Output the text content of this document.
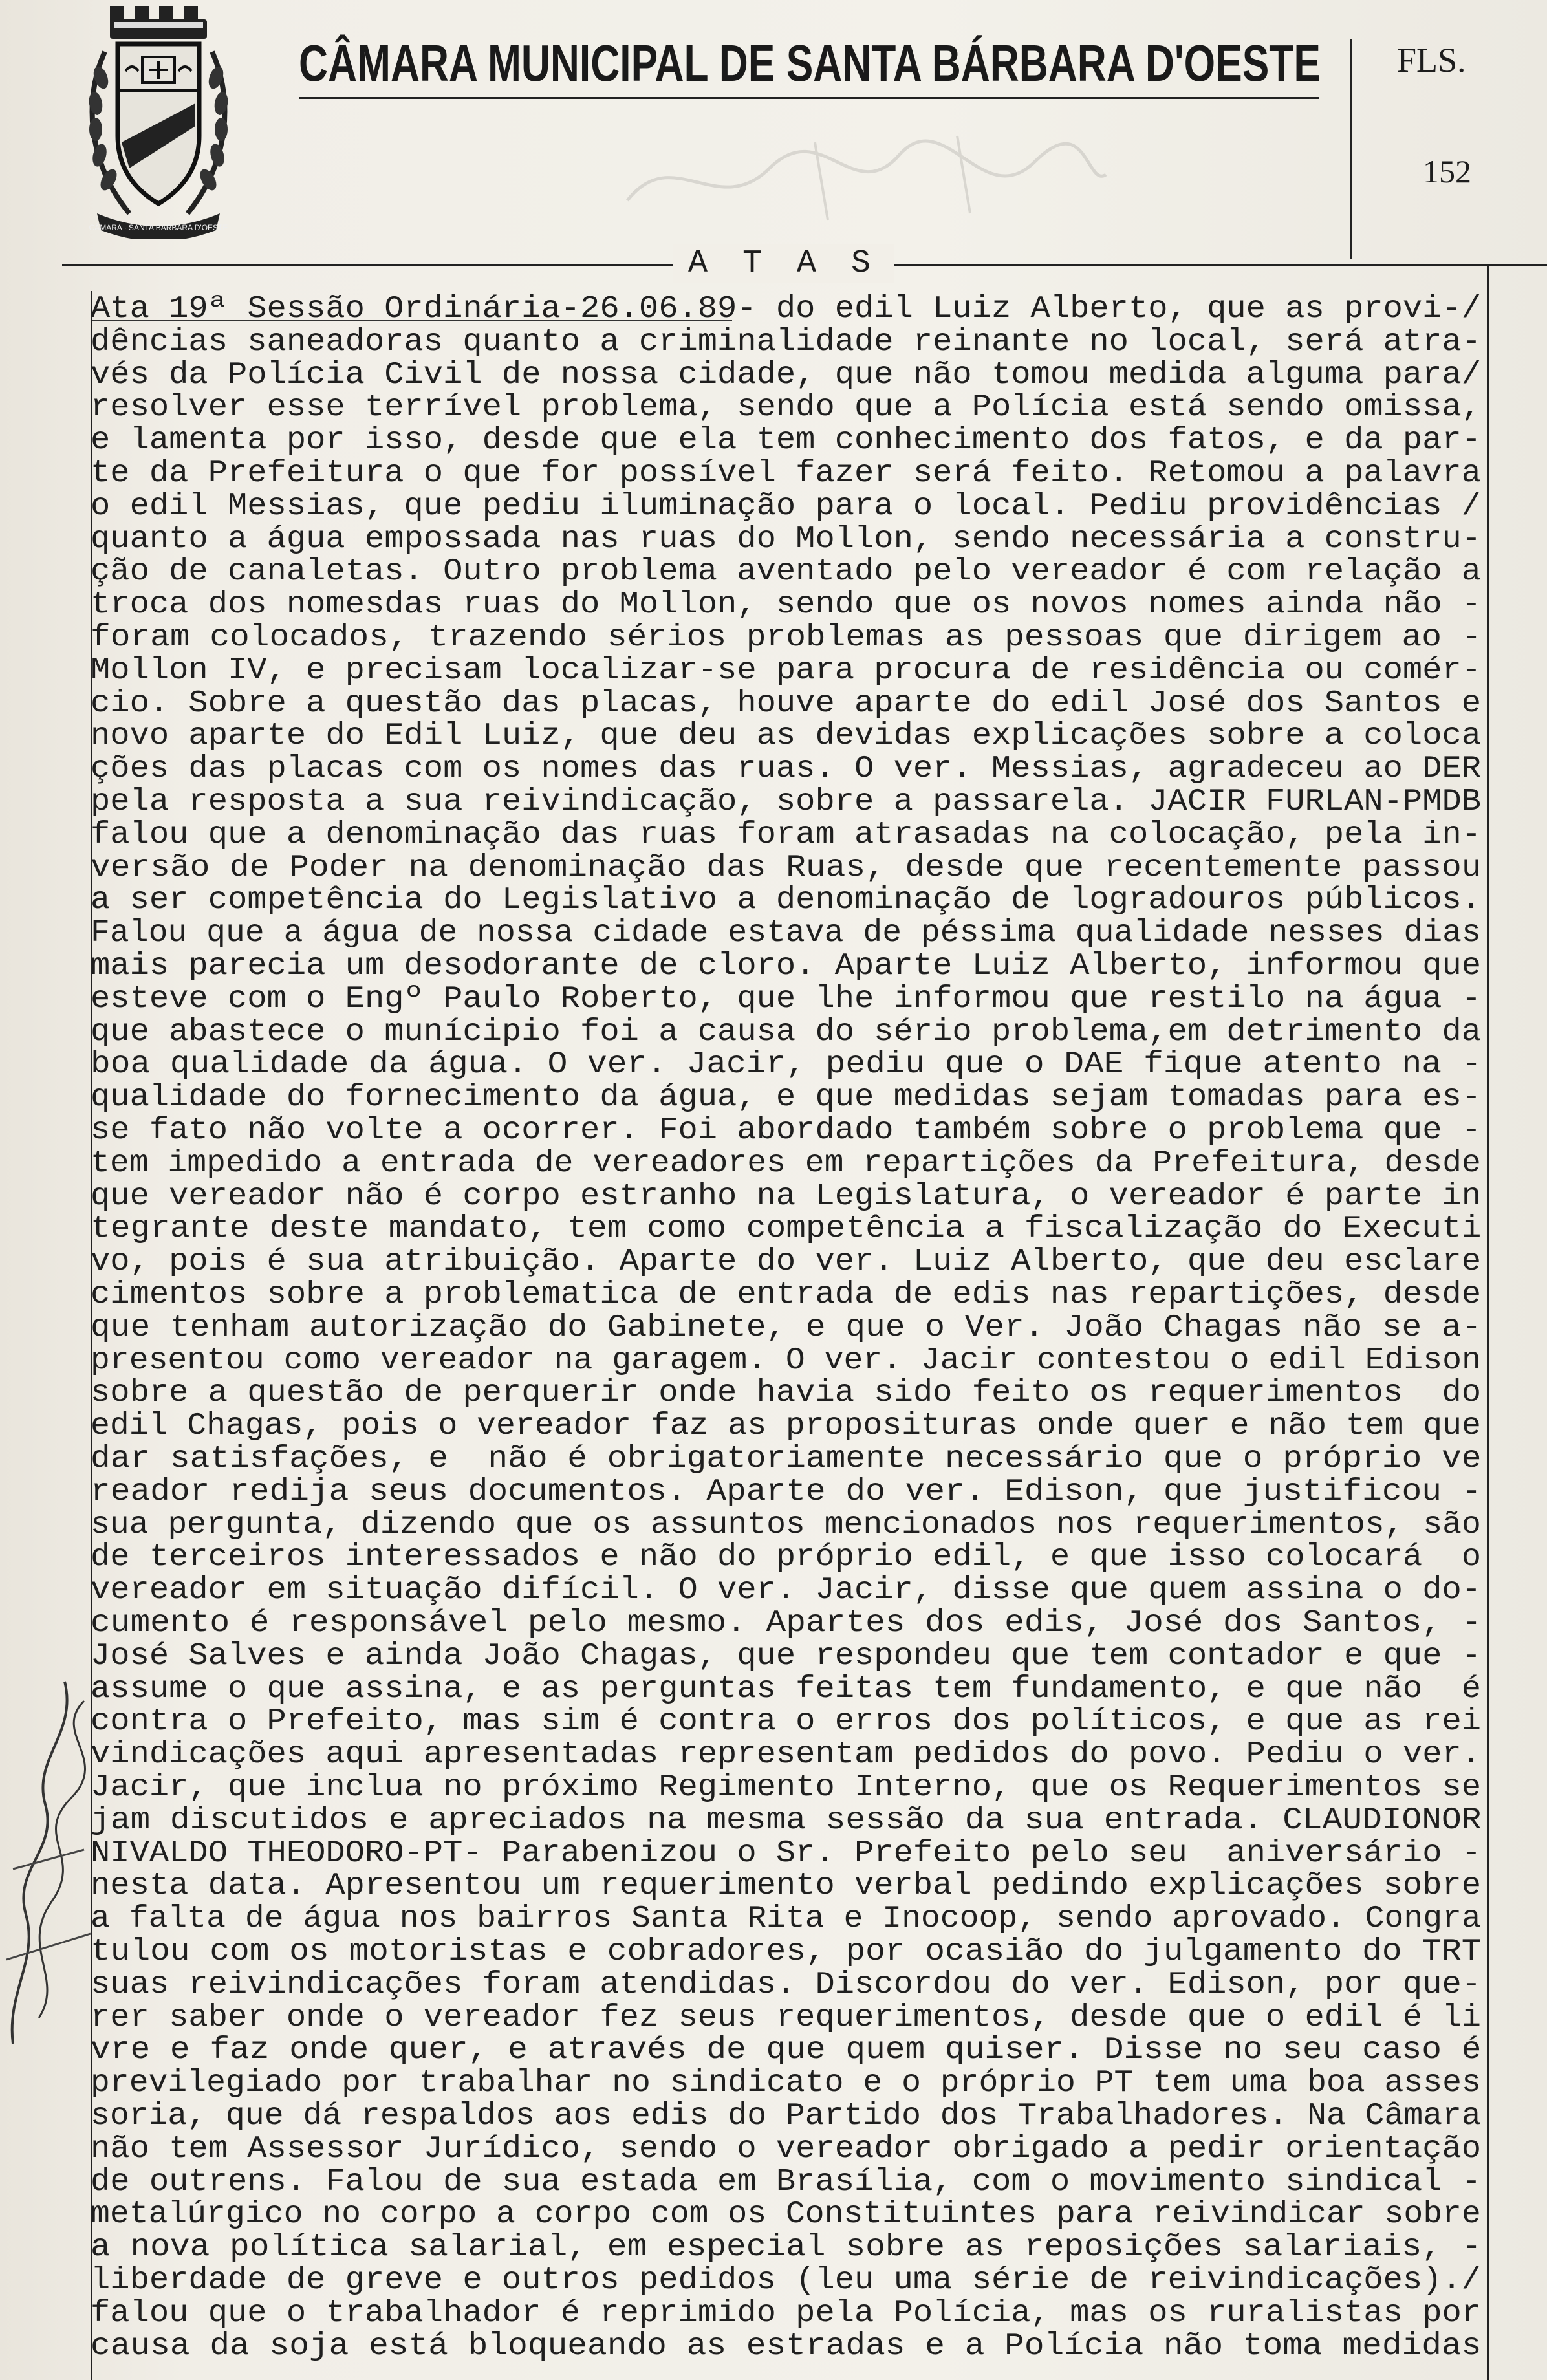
CÂMARA · SANTA BÁRBARA D'OESTE
CÂMARA MUNICIPAL DE SANTA BÁRBARA D'OESTE FLS.
152
A T A S
Ata 19ª Sessão Ordinária-26.06.89- do edil Luiz Alberto, que as provi-/
dências saneadoras quanto a criminalidade reinante no local, será atra-
vés da Polícia Civil de nossa cidade, que não tomou medida alguma para/
resolver esse terrível problema, sendo que a Polícia está sendo omissa,
e lamenta por isso, desde que ela tem conhecimento dos fatos, e da par-
te da Prefeitura o que for possível fazer será feito. Retomou a palavra
o edil Messias, que pediu iluminação para o local. Pediu providências /
quanto a água empossada nas ruas do Mollon, sendo necessária a constru-
ção de canaletas. Outro problema aventado pelo vereador é com relação a
troca dos nomesdas ruas do Mollon, sendo que os novos nomes ainda não -
foram colocados, trazendo sérios problemas as pessoas que dirigem ao -
Mollon IV, e precisam localizar-se para procura de residência ou comér-
cio. Sobre a questão das placas, houve aparte do edil José dos Santos e
novo aparte do Edil Luiz, que deu as devidas explicações sobre a coloca
ções das placas com os nomes das ruas. O ver. Messias, agradeceu ao DER
pela resposta a sua reivindicação, sobre a passarela. JACIR FURLAN-PMDB
falou que a denominação das ruas foram atrasadas na colocação, pela in-
versão de Poder na denominação das Ruas, desde que recentemente passou
a ser competência do Legislativo a denominação de logradouros públicos.
Falou que a água de nossa cidade estava de péssima qualidade nesses dias
mais parecia um desodorante de cloro. Aparte Luiz Alberto, informou que
esteve com o Engº Paulo Roberto, que lhe informou que restilo na água -
que abastece o munícipio foi a causa do sério problema,em detrimento da
boa qualidade da água. O ver. Jacir, pediu que o DAE fique atento na -
qualidade do fornecimento da água, e que medidas sejam tomadas para es-
se fato não volte a ocorrer. Foi abordado também sobre o problema que -
tem impedido a entrada de vereadores em repartições da Prefeitura, desde
que vereador não é corpo estranho na Legislatura, o vereador é parte in
tegrante deste mandato, tem como competência a fiscalização do Executi
vo, pois é sua atribuição. Aparte do ver. Luiz Alberto, que deu esclare
cimentos sobre a problematica de entrada de edis nas repartições, desde
que tenham autorização do Gabinete, e que o Ver. João Chagas não se a-
presentou como vereador na garagem. O ver. Jacir contestou o edil Edison
sobre a questão de perquerir onde havia sido feito os requerimentos  do
edil Chagas, pois o vereador faz as proposituras onde quer e não tem que
dar satisfações, e  não é obrigatoriamente necessário que o próprio ve
reador redija seus documentos. Aparte do ver. Edison, que justificou -
sua pergunta, dizendo que os assuntos mencionados nos requerimentos, são
de terceiros interessados e não do próprio edil, e que isso colocará  o
vereador em situação difícil. O ver. Jacir, disse que quem assina o do-
cumento é responsável pelo mesmo. Apartes dos edis, José dos Santos, -
José Salves e ainda João Chagas, que respondeu que tem contador e que -
assume o que assina, e as perguntas feitas tem fundamento, e que não  é
contra o Prefeito, mas sim é contra o erros dos políticos, e que as rei
vindicações aqui apresentadas representam pedidos do povo. Pediu o ver.
Jacir, que inclua no próximo Regimento Interno, que os Requerimentos se
jam discutidos e apreciados na mesma sessão da sua entrada. CLAUDIONOR
NIVALDO THEODORO-PT- Parabenizou o Sr. Prefeito pelo seu  aniversário -
nesta data. Apresentou um requerimento verbal pedindo explicações sobre
a falta de água nos bairros Santa Rita e Inocoop, sendo aprovado. Congra
tulou com os motoristas e cobradores, por ocasião do julgamento do TRT
suas reivindicações foram atendidas. Discordou do ver. Edison, por que-
rer saber onde o vereador fez seus requerimentos, desde que o edil é li
vre e faz onde quer, e através de que quem quiser. Disse no seu caso é
previlegiado por trabalhar no sindicato e o próprio PT tem uma boa asses
soria, que dá respaldos aos edis do Partido dos Trabalhadores. Na Câmara
não tem Assessor Jurídico, sendo o vereador obrigado a pedir orientação
de outrens. Falou de sua estada em Brasília, com o movimento sindical -
metalúrgico no corpo a corpo com os Constituintes para reivindicar sobre
a nova política salarial, em especial sobre as reposições salariais, -
liberdade de greve e outros pedidos (leu uma série de reivindicações)./
falou que o trabalhador é reprimido pela Polícia, mas os ruralistas por
causa da soja está bloqueando as estradas e a Polícia não toma medidas
